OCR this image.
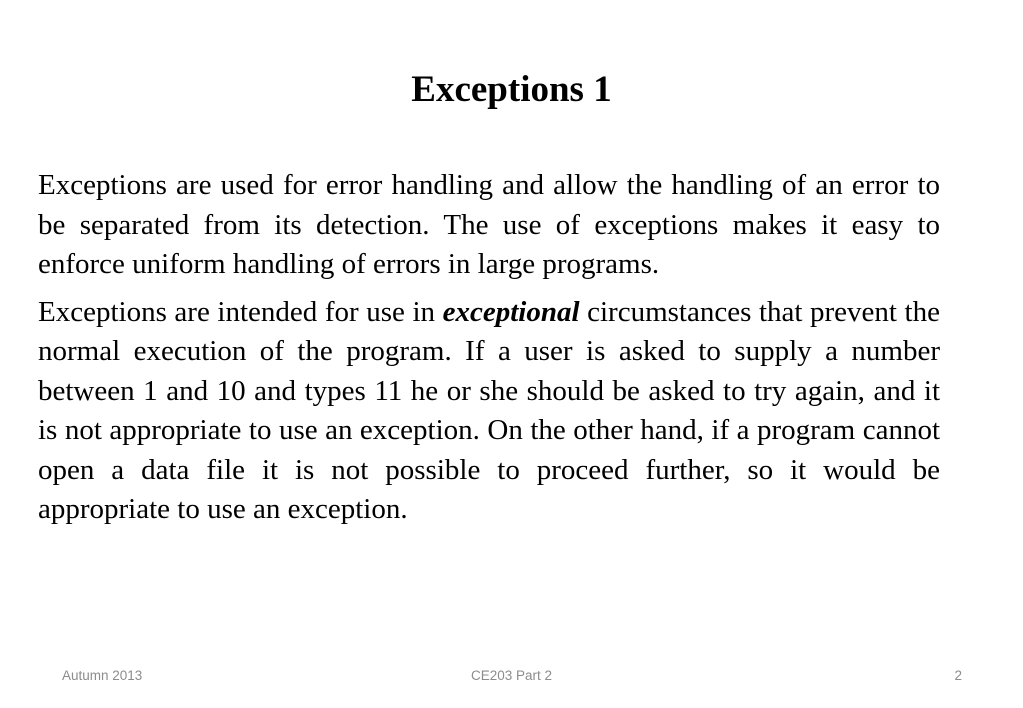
Exceptions 1

Exceptions are used for error handling and allow the handling of an error to be separated from its detection. The use of exceptions makes it easy to enforce uniform handling of errors in large programs.

Exceptions are intended for use in exceptional circumstances that prevent the normal execution of the program. If a user is asked to supply a number between 1 and 10 and types 11 he or she should be asked to try again, and it is not appropriate to use an exception. On the other hand, if a program cannot open a data file it is not possible to proceed further, so it would be appropriate to use an exception.

Autumn 2013	CE203 Part 2	2
